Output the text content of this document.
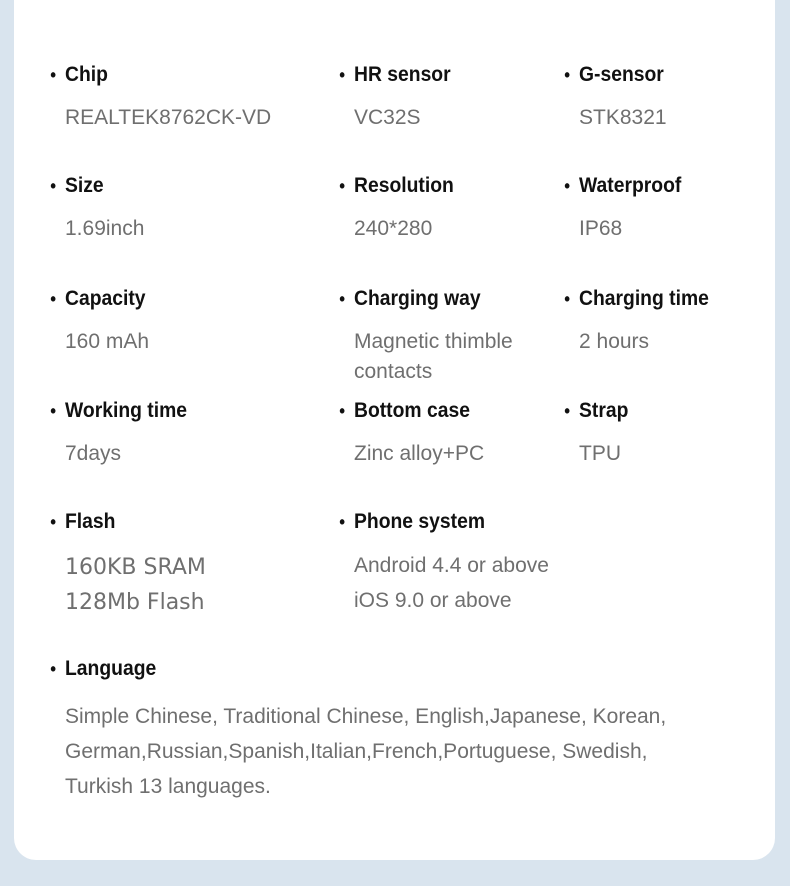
• Chip
REALTEK8762CK-VD
• HR sensor
VC32S
• G-sensor
STK8321
• Size
1.69inch
• Resolution
240*280
• Waterproof
IP68
• Capacity
160 mAh
• Charging way
Magnetic thimble
contacts
• Charging time
2 hours
• Working time
7days
• Bottom case
Zinc alloy+PC
• Strap
TPU
• Flash
160KB SRAM
128Mb Flash
• Phone system
Android 4.4 or above
iOS 9.0 or above
• Language
Simple Chinese, Traditional Chinese, English,Japanese, Korean,
German,Russian,Spanish,Italian,French,Portuguese, Swedish,
Turkish 13 languages.
